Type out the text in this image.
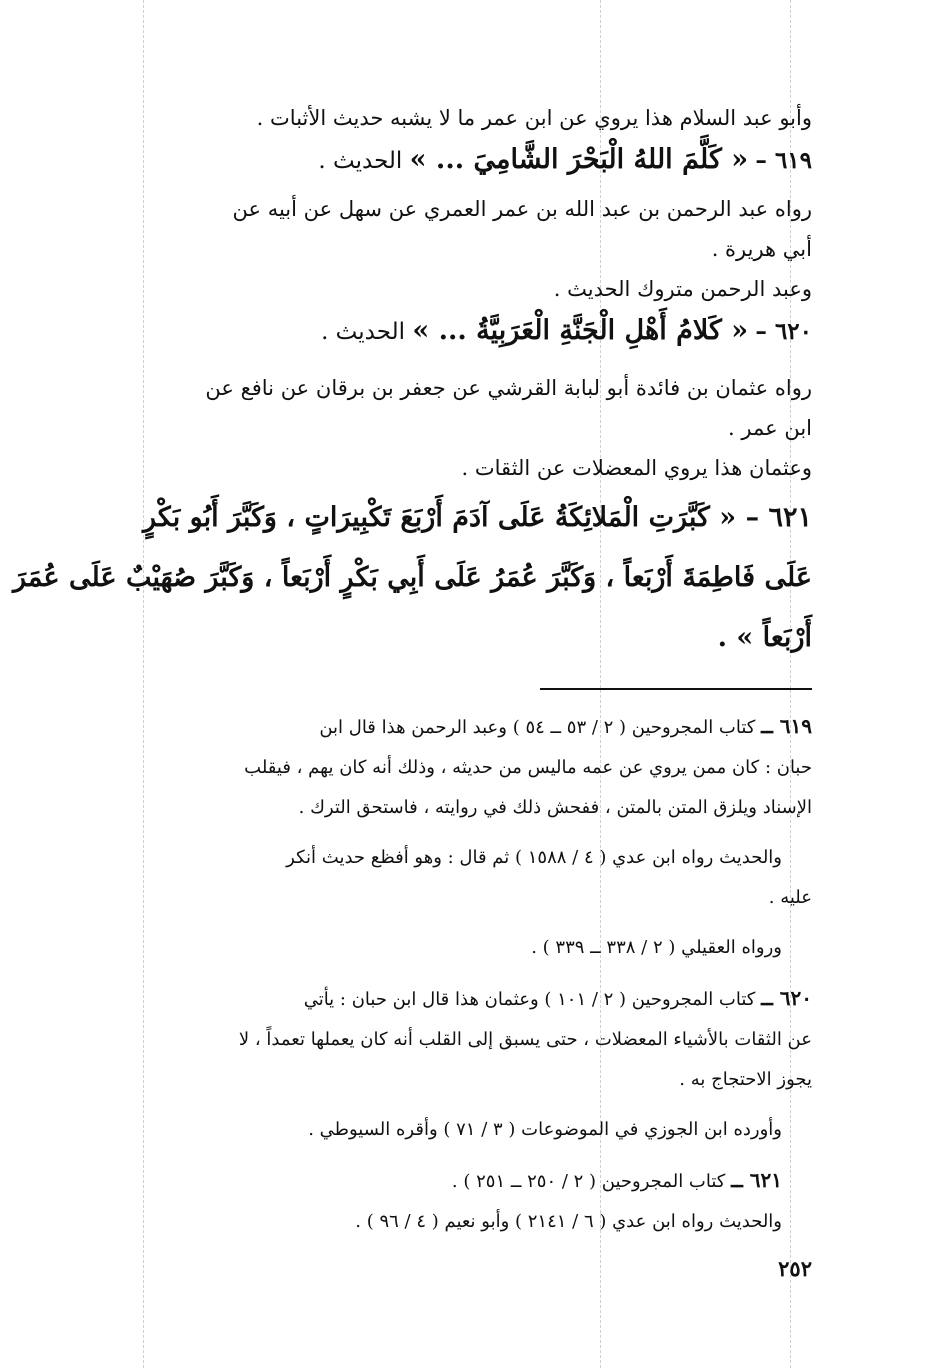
وأبو عبد السلام هذا يروي عن ابن عمر ما لا يشبه حديث الأثبات .
٦١٩ – « كَلَّمَ اللهُ الْبَحْرَ الشَّامِيَ ... » الحديث .
رواه عبد الرحمن بن عبد الله بن عمر العمري عن سهل عن أبيه عن
أبي هريرة .
وعبد الرحمن متروك الحديث .
٦٢٠ – « كَلامُ أَهْلِ الْجَنَّةِ الْعَرَبِيَّةُ ... » الحديث .
رواه عثمان بن فائدة أبو لبابة القرشي عن جعفر بن برقان عن نافع عن
ابن عمر .
وعثمان هذا يروي المعضلات عن الثقات .
٦٢١ – « كَبَّرَتِ الْمَلائِكَةُ عَلَى آدَمَ أَرْبَعَ تَكْبِيرَاتٍ ، وَكَبَّرَ أَبُو بَكْرٍ
عَلَى فَاطِمَةَ أَرْبَعاً ، وَكَبَّرَ عُمَرُ عَلَى أَبِي بَكْرٍ أَرْبَعاً ، وَكَبَّرَ صُهَيْبٌ عَلَى عُمَرَ
أَرْبَعاً » .
٦١٩ ــ كتاب المجروحين ( ٢ / ٥٣ ــ ٥٤ ) وعبد الرحمن هذا قال ابن
حبان : كان ممن يروي عن عمه ماليس من حديثه ، وذلك أنه كان يهم ، فيقلب
الإسناد ويلزق المتن بالمتن ، ففحش ذلك في روايته ، فاستحق الترك .
والحديث رواه ابن عدي ( ٤ / ١٥٨٨ ) ثم قال : وهو أفظع حديث أنكر
عليه .
ورواه العقيلي ( ٢ / ٣٣٨ ــ ٣٣٩ ) .
٦٢٠ ــ كتاب المجروحين ( ٢ / ١٠١ ) وعثمان هذا قال ابن حبان : يأتي
عن الثقات بالأشياء المعضلات ، حتى يسبق إلى القلب أنه كان يعملها تعمداً ، لا
يجوز الاحتجاج به .
وأورده ابن الجوزي في الموضوعات ( ٣ / ٧١ ) وأقره السيوطي .
٦٢١ ــ كتاب المجروحين ( ٢ / ٢٥٠ ــ ٢٥١ ) .
والحديث رواه ابن عدي ( ٦ / ٢١٤١ ) وأبو نعيم ( ٤ / ٩٦ ) .
٢٥٢
